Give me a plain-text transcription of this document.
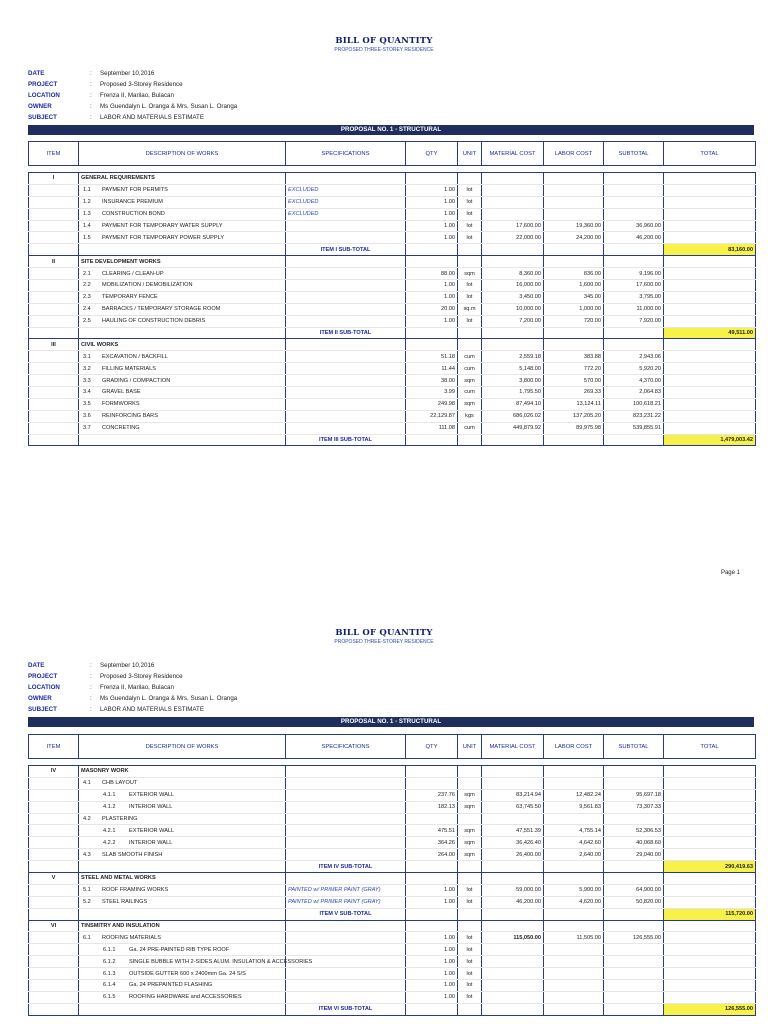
BILL OF QUANTITY
PROPOSED THREE-STOREY RESIDENCE
DATE	:	September 10,2016
PROJECT	:	Proposed 3-Storey Residence
LOCATION	:	Frenza II, Marilao, Bulacan
OWNER	:	Ms Guendalyn L. Oranga & Mrs. Susan L. Oranga
SUBJECT	:	LABOR AND MATERIALS ESTIMATE
PROPOSAL NO. 1 - STRUCTURAL
ITEM	DESCRIPTION OF WORKS	SPECIFICATIONS	QTY	UNIT	MATERIAL COST	LABOR COST	SUBTOTAL	TOTAL

I	GENERAL REQUIREMENTS							
	1.1 PAYMENT FOR PERMITS	EXCLUDED	1.00	lot				
	1.2 INSURANCE PREMIUM	EXCLUDED	1.00	lot				
	1.3 CONSTRUCTION BOND	EXCLUDED	1.00	lot				
	1.4 PAYMENT FOR TEMPORARY WATER SUPPLY		1.00	lot	17,600.00	19,360.00	36,960.00	
	1.5 PAYMENT FOR TEMPORARY POWER SUPPLY		1.00	lot	22,000.00	24,200.00	46,200.00	
		ITEM I SUB-TOTAL						83,160.00
II	SITE DEVELOPMENT WORKS							
	2.1 CLEARING / CLEAN-UP		88.00	sqm	8,360.00	836.00	9,196.00	
	2.2 MOBILIZATION / DEMOBILIZATION		1.00	lot	16,000.00	1,600.00	17,600.00	
	2.3 TEMPORARY FENCE		1.00	lot	3,450.00	345.00	3,795.00	
	2.4 BARRACKS / TEMPORARY STORAGE ROOM		20.00	sq.m	10,000.00	1,000.00	11,000.00	
	2.5 HAULING OF CONSTRUCTION DEBRIS		1.00	lot	7,200.00	720.00	7,920.00	
		ITEM II SUB-TOTAL						49,511.00
III	CIVIL WORKS							
	3.1 EXCAVATION / BACKFILL		51.18	cum	2,559.18	383.88	2,943.06	
	3.2 FILLING MATERIALS		11.44	cum	5,148.00	772.20	5,920.20	
	3.3 GRADING / COMPACTION		38.00	sqm	3,800.00	570.00	4,370.00	
	3.4 GRAVEL BASE		3.99	cum	1,795.50	269.33	2,064.83	
	3.5 FORMWORKS		249.98	sqm	87,494.10	13,124.11	100,618.21	
	3.6 REINFORCING BARS		22,129.87	kgs	686,026.02	137,205.20	823,231.22	
	3.7 CONCRETING		111.08	cum	449,879.92	89,975.98	539,855.91	
		ITEM III SUB-TOTAL						1,479,003.42
Page 1
BILL OF QUANTITY
PROPOSED THREE-STOREY RESIDENCE
DATE	:	September 10,2016
PROJECT	:	Proposed 3-Storey Residence
LOCATION	:	Frenza II, Marilao, Bulacan
OWNER	:	Ms Guendalyn L. Oranga & Mrs. Susan L. Oranga
SUBJECT	:	LABOR AND MATERIALS ESTIMATE
PROPOSAL NO. 1 - STRUCTURAL
ITEM	DESCRIPTION OF WORKS	SPECIFICATIONS	QTY	UNIT	MATERIAL COST	LABOR COST	SUBTOTAL	TOTAL

IV	MASONRY WORK							
	4.1 CHB LAYOUT							
	4.1.1 EXTERIOR WALL		237.76	sqm	83,214.94	12,482.24	95,697.18	
	4.1.2 INTERIOR WALL		182.13	sqm	63,745.50	9,561.83	73,307.33	
	4.2 PLASTERING							
	4.2.1 EXTERIOR WALL		475.51	sqm	47,551.39	4,755.14	52,306.53	
	4.2.2 INTERIOR WALL		364.26	sqm	36,426.40	4,642.60	40,068.60	
	4.3 SLAB SMOOTH FINISH		264.00	sqm	26,400.00	2,640.00	29,040.00	
		ITEM IV SUB-TOTAL						290,419.63
V	STEEL AND METAL WORKS							
	5.1 ROOF FRAMING WORKS	PAINTED w/ PRIMER PAINT (GRAY)	1.00	lot	59,000.00	5,900.00	64,900.00	
	5.2 STEEL RAILINGS	PAINTED w/ PRIMER PAINT (GRAY)	1.00	lot	46,200.00	4,620.00	50,820.00	
		ITEM V SUB-TOTAL						115,720.00
VI	TINSMITRY AND INSULATION							
	6.1 ROOFING MATERIALS		1.00	lot	115,050.00	11,505.00	126,555.00	
	6.1.1 Ga. 24 PRE-PAINTED RIB TYPE ROOF		1.00	lot				
	6.1.2 SINGLE BUBBLE WITH 2-SIDES ALUM. INSULATION & ACCESSORIES		1.00	lot				
	6.1.3 OUTSIDE GUTTER 600 x 2400mm Ga. 24 S/S		1.00	lot				
	6.1.4 Ga. 24 PREPAINTED FLASHING		1.00	lot				
	6.1.5 ROOFING HARDWARE and ACCESSORIES		1.00	lot				
		ITEM VI SUB-TOTAL						126,555.00
